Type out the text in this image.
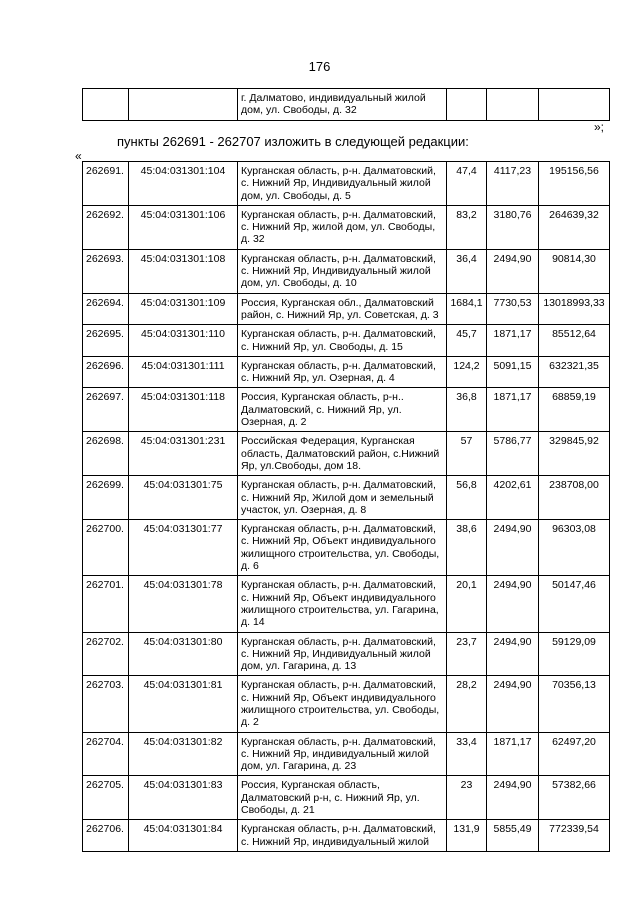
176
		г. Далматово, индивидуальный жилой дом, ул. Свободы, д. 32			
»;
пункты 262691 - 262707 изложить в следующей редакции:
«
262691.	45:04:031301:104	Курганская область, р-н. Далматовский, с. Нижний Яр, Индивидуальный жилой дом, ул. Свободы, д. 5	47,4	4117,23	195156,56
262692.	45:04:031301:106	Курганская область, р-н. Далматовский, с. Нижний Яр, жилой дом, ул. Свободы, д. 32	83,2	3180,76	264639,32
262693.	45:04:031301:108	Курганская область, р-н. Далматовский, с. Нижний Яр, Индивидуальный жилой дом, ул. Свободы, д. 10	36,4	2494,90	90814,30
262694.	45:04:031301:109	Россия, Курганская обл., Далматовский район, с. Нижний Яр, ул. Советская, д. 3	1684,1	7730,53	13018993,33
262695.	45:04:031301:110	Курганская область, р-н. Далматовский, с. Нижний Яр, ул. Свободы, д. 15	45,7	1871,17	85512,64
262696.	45:04:031301:111	Курганская область, р-н. Далматовский, с. Нижний Яр, ул. Озерная, д. 4	124,2	5091,15	632321,35
262697.	45:04:031301:118	Россия, Курганская область, р-н.. Далматовский, с. Нижний Яр, ул. Озерная, д. 2	36,8	1871,17	68859,19
262698.	45:04:031301:231	Российская Федерация, Курганская область, Далматовский район, с.Нижний Яр, ул.Свободы, дом 18.	57	5786,77	329845,92
262699.	45:04:031301:75	Курганская область, р-н. Далматовский, с. Нижний Яр, Жилой дом и земельный участок, ул. Озерная, д. 8	56,8	4202,61	238708,00
262700.	45:04:031301:77	Курганская область, р-н. Далматовский, с. Нижний Яр, Объект индивидуального жилищного строительства, ул. Свободы, д. 6	38,6	2494,90	96303,08
262701.	45:04:031301:78	Курганская область, р-н. Далматовский, с. Нижний Яр, Объект индивидуального жилищного строительства, ул. Гагарина, д. 14	20,1	2494,90	50147,46
262702.	45:04:031301:80	Курганская область, р-н. Далматовский, с. Нижний Яр, Индивидуальный жилой дом, ул. Гагарина, д. 13	23,7	2494,90	59129,09
262703.	45:04:031301:81	Курганская область, р-н. Далматовский, с. Нижний Яр, Объект индивидуального жилищного строительства, ул. Свободы, д. 2	28,2	2494,90	70356,13
262704.	45:04:031301:82	Курганская область, р-н. Далматовский, с. Нижний Яр, индивидуальный жилой дом, ул. Гагарина, д. 23	33,4	1871,17	62497,20
262705.	45:04:031301:83	Россия, Курганская область, Далматовский р-н, с. Нижний Яр, ул. Свободы, д. 21	23	2494,90	57382,66
262706.	45:04:031301:84	Курганская область, р-н. Далматовский, с. Нижний Яр, индивидуальный жилой	131,9	5855,49	772339,54
